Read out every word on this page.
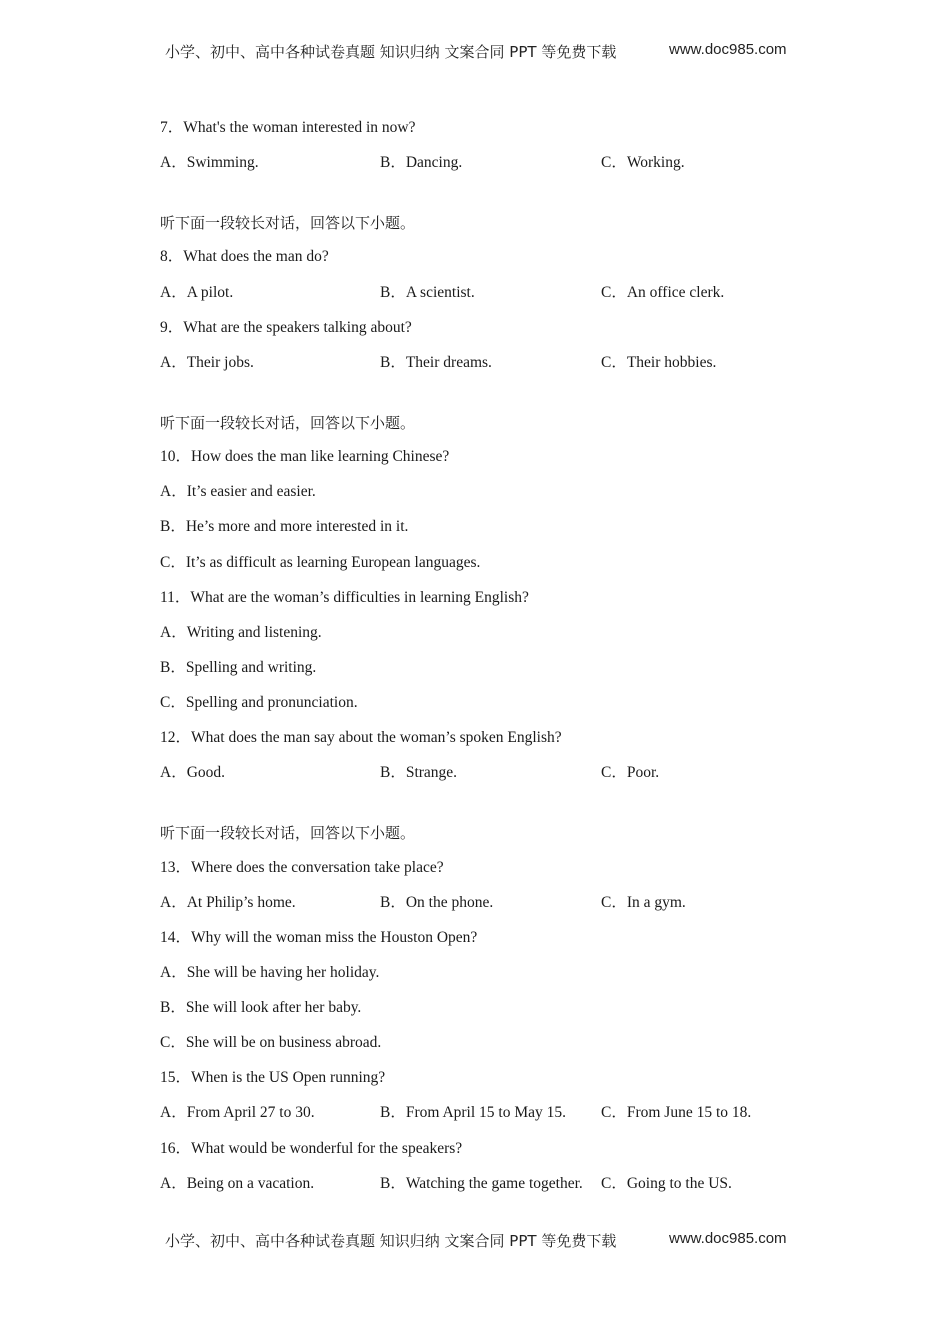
小学、初中、高中各种试卷真题 知识归纳 文案合同 PPT 等免费下载	www.doc985.com
7．What's the woman interested in now?
A．Swimming.	B．Dancing.	C．Working.
听下面一段较长对话，回答以下小题。
8．What does the man do?
A．A pilot.	B．A scientist.	C．An office clerk.
9．What are the speakers talking about?
A．Their jobs.	B．Their dreams.	C．Their hobbies.
听下面一段较长对话，回答以下小题。
10．How does the man like learning Chinese?
A．It’s easier and easier.
B．He’s more and more interested in it.
C．It’s as difficult as learning European languages.
11．What are the woman’s difficulties in learning English?
A．Writing and listening.
B．Spelling and writing.
C．Spelling and pronunciation.
12．What does the man say about the woman’s spoken English?
A．Good.	B．Strange.	C．Poor.
听下面一段较长对话，回答以下小题。
13．Where does the conversation take place?
A．At Philip’s home.	B．On the phone.	C．In a gym.
14．Why will the woman miss the Houston Open?
A．She will be having her holiday.
B．She will look after her baby.
C．She will be on business abroad.
15．When is the US Open running?
A．From April 27 to 30.	B．From April 15 to May 15. C．From June 15 to 18.
16．What would be wonderful for the speakers?
A．Being on a vacation.	B．Watching the game together. C．Going to the US.
小学、初中、高中各种试卷真题 知识归纳 文案合同 PPT 等免费下载	www.doc985.com
